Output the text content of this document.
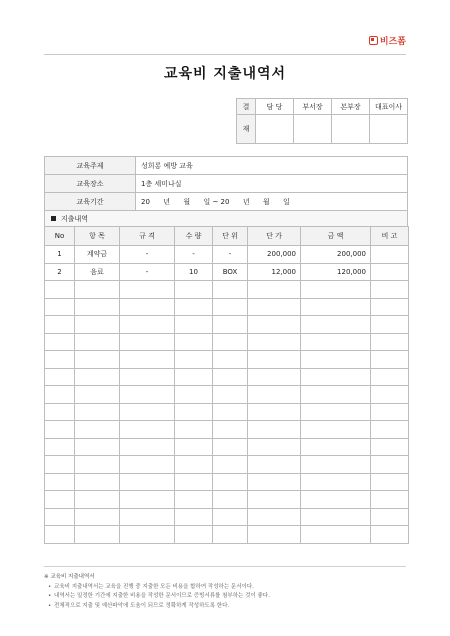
비즈폼
교육비 지출내역서
결	담 당	부서장	본부장	대표이사
재				
교육주제	성희롱 예방 교육
교육장소	1층 세미나실
교육기간	20      년      월      일 ~ 20      년      월      일
지출내역
No	항 목	규 격	수 량	단 위	단 가	금 액	비 고
1	계약금	-	-	-	200,000	200,000	
2	음료	-	10	BOX	12,000	120,000	

※ 교육비 지출내역서
• 교육비 지출내역서는 교육을 진행 중 지출한 모든 비용을 합하여 작성하는 문서이다.
• 내역서는 일정한 기간에 지출한 비용을 작성한 문서이므로 증빙서류를 첨부하는 것이 좋다.
• 전체적으로 지출 및 예산파악에 도움이 되므로 정확하게 작성하도록 한다.
